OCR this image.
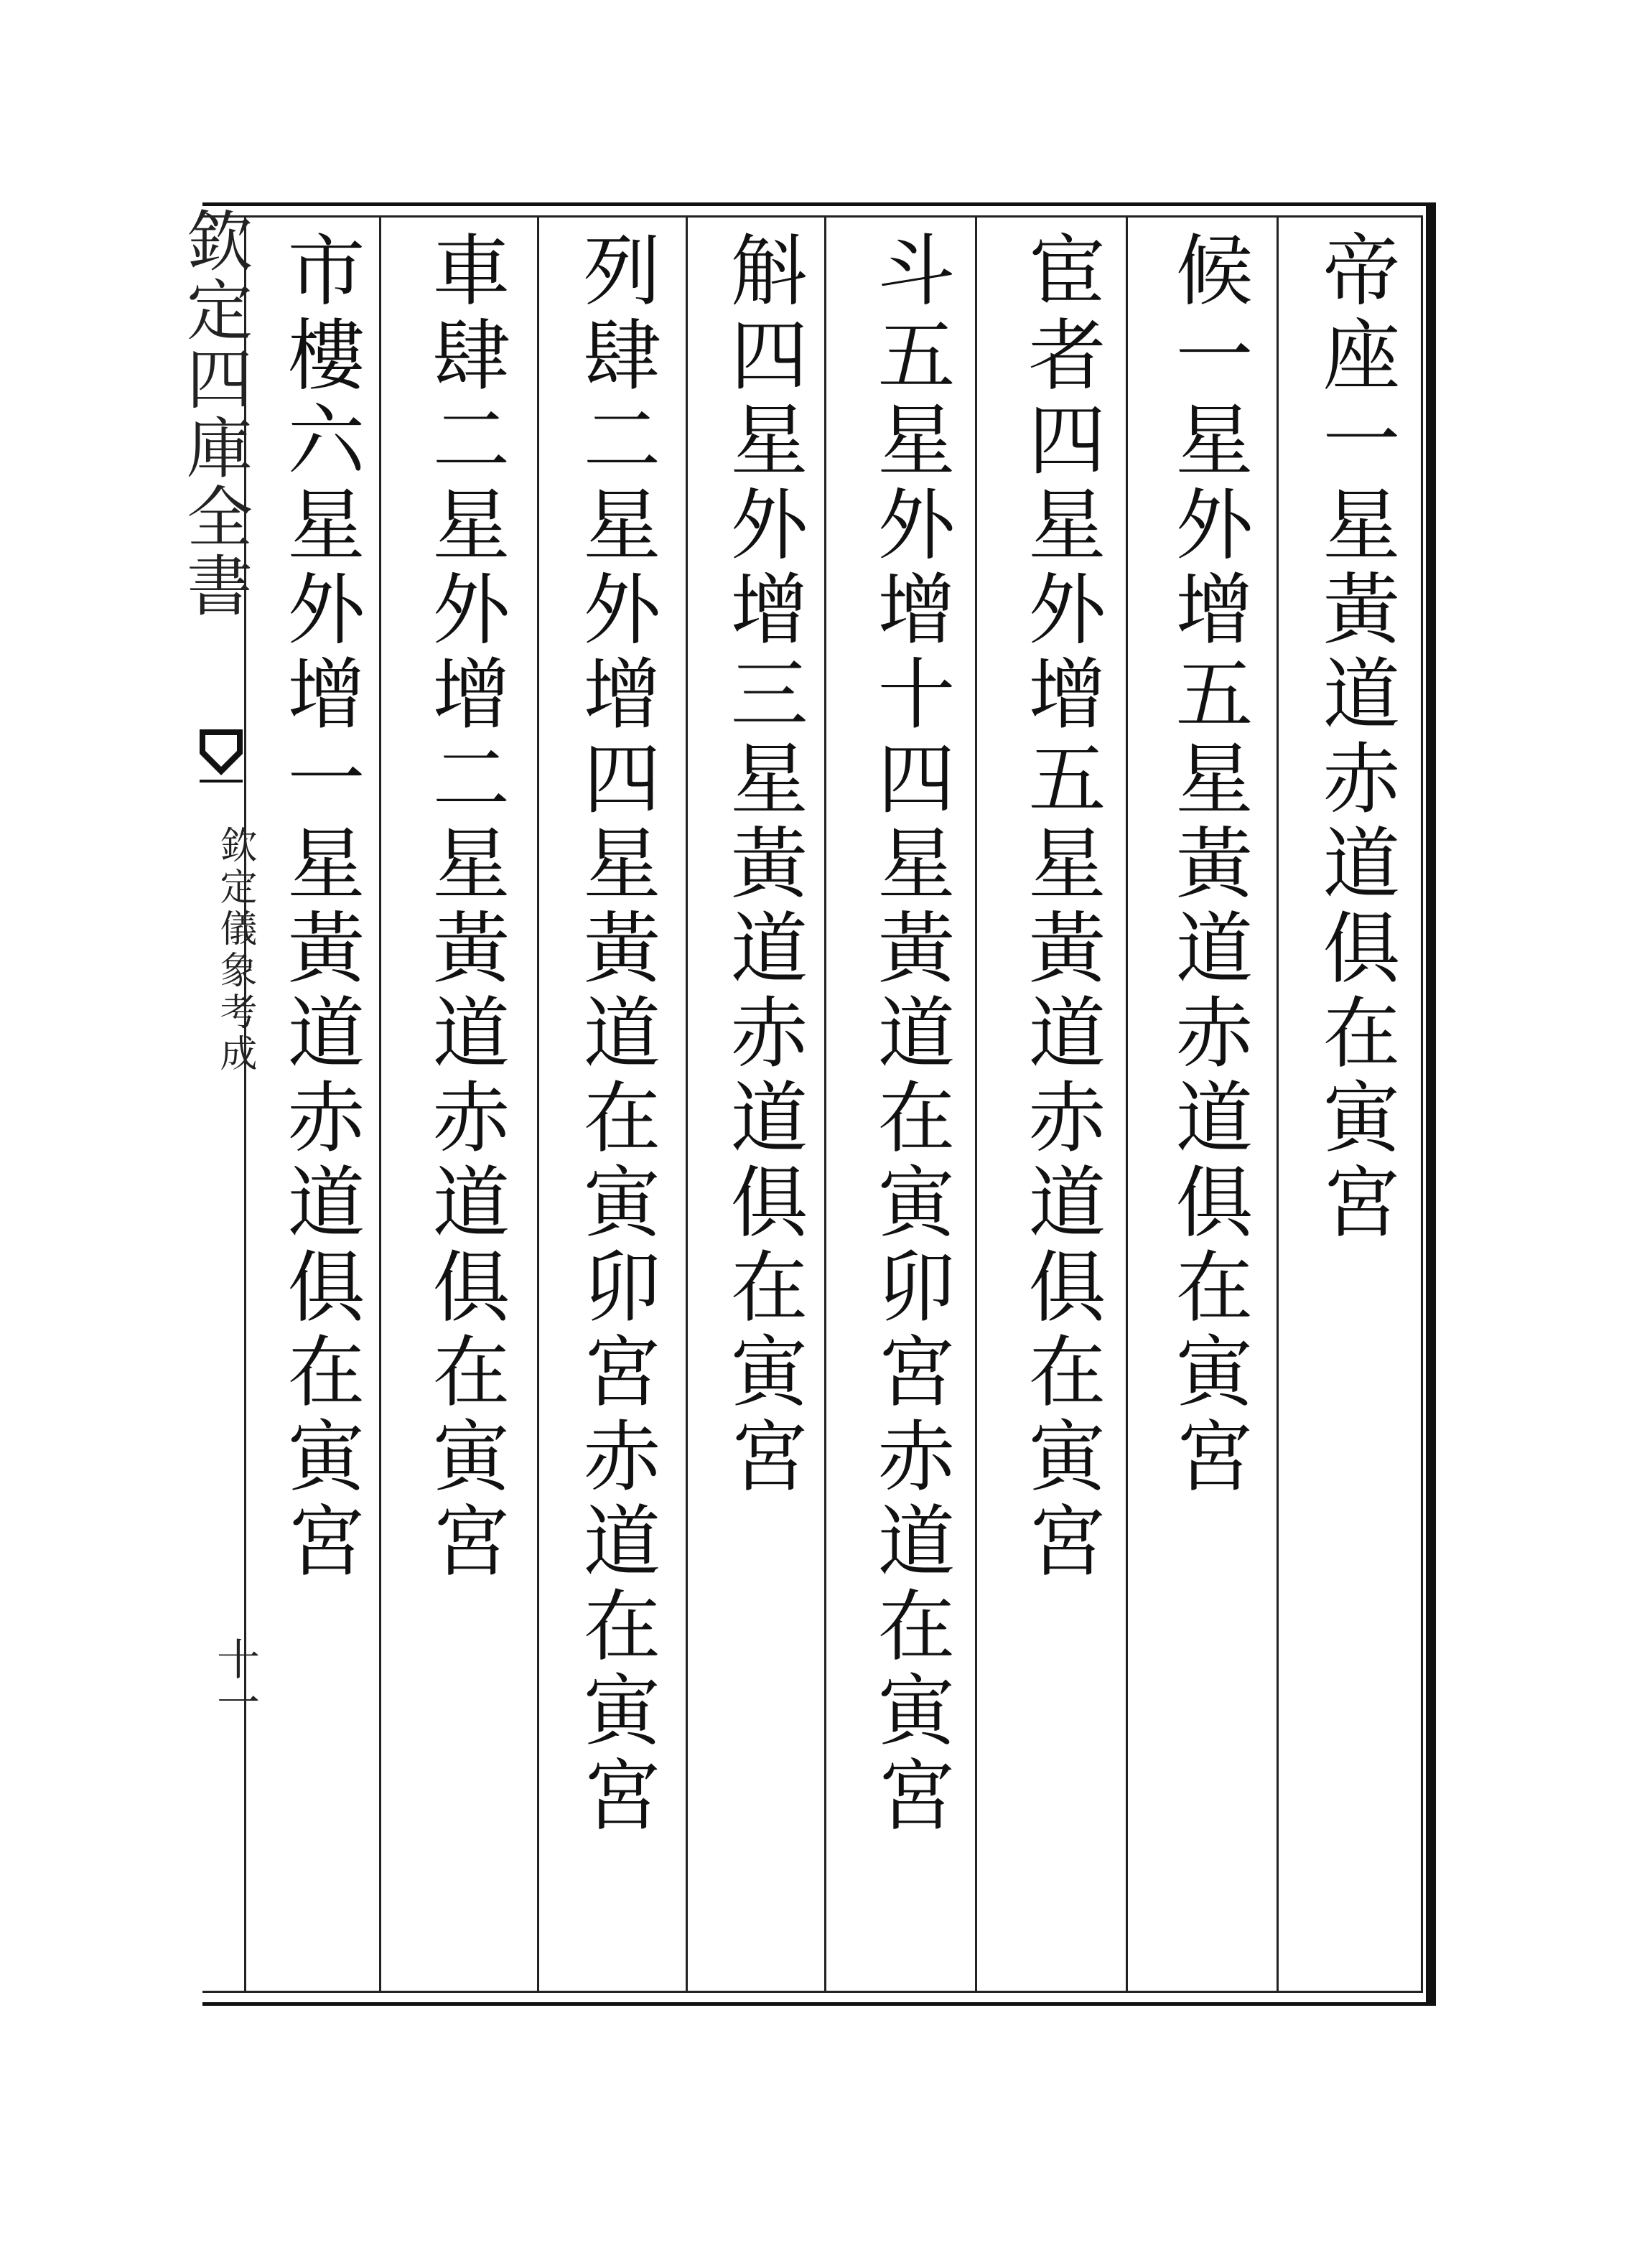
帝座一星黃道赤道俱在寅宮
候一星外增五星黃道赤道俱在寅宮
宦者四星外增五星黃道赤道俱在寅宮
斗五星外增十四星黃道在寅卯宮赤道在寅宮
斛四星外增三星黃道赤道俱在寅宮
列肆二星外增四星黃道在寅卯宮赤道在寅宮
車肆二星外增二星黃道赤道俱在寅宮
市樓六星外增一星黃道赤道俱在寅宮
欽定四庫全書
欽定儀象考成
十一
